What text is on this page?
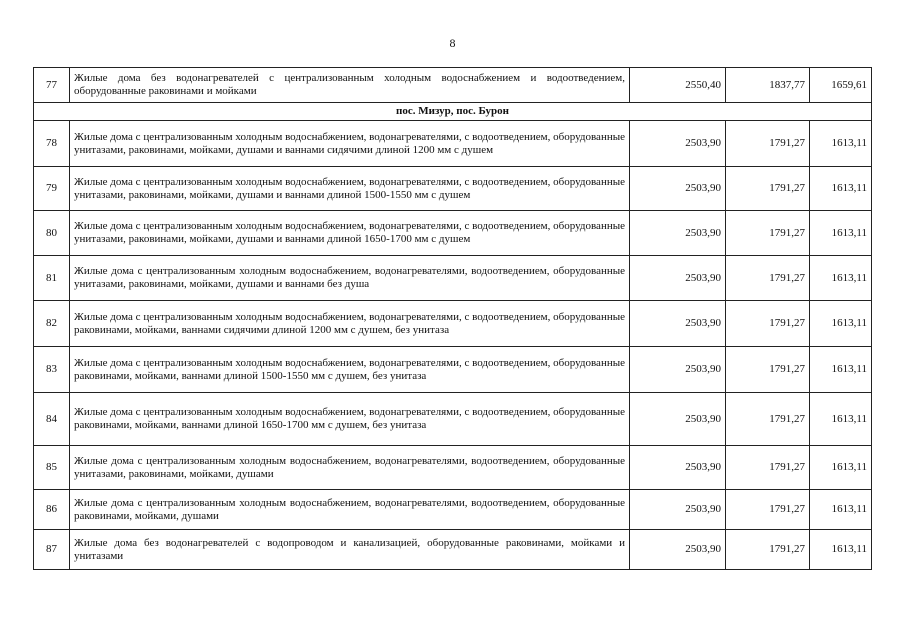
8
77	Жилые дома без водонагревателей с централизованным холодным водоснабжением и водоотведением, оборудованные раковинами и мойками	2550,40	1837,77	1659,61
пос. Мизур, пос. Бурон				
78	Жилые дома с централизованным холодным водоснабжением, водонагревателями, с водоотведением, оборудованные унитазами, раковинами, мойками, душами и ваннами сидячими длиной 1200 мм с душем	2503,90	1791,27	1613,11
79	Жилые дома с централизованным холодным водоснабжением, водонагревателями, с водоотведением, оборудованные унитазами, раковинами, мойками, душами и ваннами длиной 1500-1550 мм с душем	2503,90	1791,27	1613,11
80	Жилые дома с централизованным холодным водоснабжением, водонагревателями, с водоотведением, оборудованные унитазами, раковинами, мойками, душами и ваннами длиной 1650-1700 мм с душем	2503,90	1791,27	1613,11
81	Жилые дома с централизованным холодным водоснабжением, водонагревателями, водоотведением, оборудованные унитазами, раковинами, мойками, душами и ваннами без душа	2503,90	1791,27	1613,11
82	Жилые дома с централизованным холодным водоснабжением, водонагревателями, с водоотведением, оборудованные раковинами, мойками, ваннами сидячими длиной 1200 мм с душем, без унитаза	2503,90	1791,27	1613,11
83	Жилые дома с централизованным холодным водоснабжением, водонагревателями, с водоотведением, оборудованные раковинами, мойками, ваннами длиной 1500-1550 мм с душем, без унитаза	2503,90	1791,27	1613,11
84	Жилые дома с централизованным холодным водоснабжением, водонагревателями, с водоотведением, оборудованные раковинами, мойками, ваннами длиной 1650-1700 мм с душем, без унитаза	2503,90	1791,27	1613,11
85	Жилые дома с централизованным холодным водоснабжением, водонагревателями, водоотведением, оборудованные унитазами, раковинами, мойками, душами	2503,90	1791,27	1613,11
86	Жилые дома с централизованным холодным водоснабжением, водонагревателями, водоотведением, оборудованные раковинами, мойками, душами	2503,90	1791,27	1613,11
87	Жилые дома без водонагревателей с водопроводом и канализацией, оборудованные раковинами, мойками и унитазами	2503,90	1791,27	1613,11
